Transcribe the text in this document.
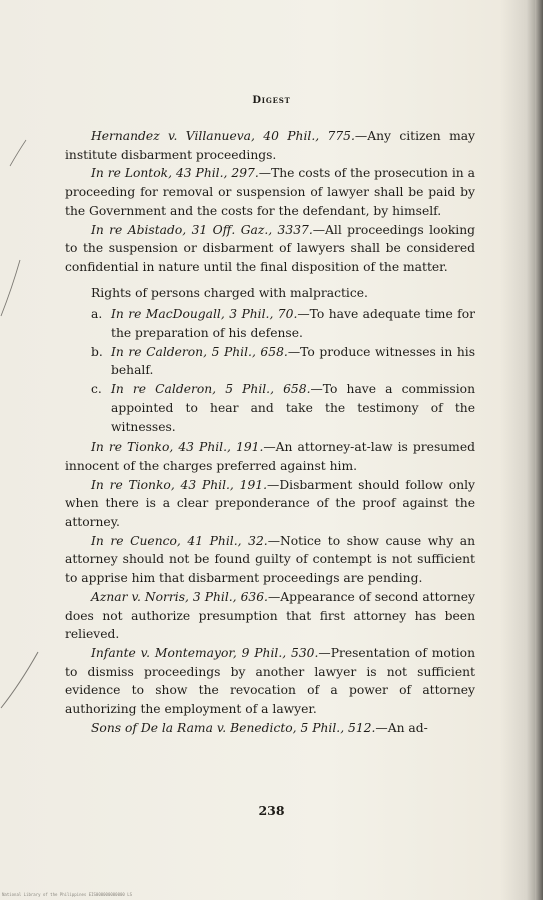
Digest

Hernandez v. Villanueva, 40 Phil., 775.—Any citizen may institute disbarment proceedings.

In re Lontok, 43 Phil., 297.—The costs of the prosecution in a proceeding for removal or suspension of lawyer shall be paid by the Government and the costs for the defendant, by himself.

In re Abistado, 31 Off. Gaz., 3337.—All proceedings looking to the suspension or disbarment of lawyers shall be considered confidential in nature until the final disposition of the matter.

Rights of persons charged with malpractice.

a. In re MacDougall, 3 Phil., 70.—To have adequate time for the preparation of his defense.

b. In re Calderon, 5 Phil., 658.—To produce witnesses in his behalf.

c. In re Calderon, 5 Phil., 658.—To have a commission appointed to hear and take the testimony of the witnesses.

In re Tionko, 43 Phil., 191.—An attorney-at-law is presumed innocent of the charges preferred against him.

In re Tionko, 43 Phil., 191.—Disbarment should follow only when there is a clear preponderance of the proof against the attorney.

In re Cuenco, 41 Phil., 32.—Notice to show cause why an attorney should not be found guilty of contempt is not sufficient to apprise him that disbarment proceedings are pending.

Aznar v. Norris, 3 Phil., 636.—Appearance of second attorney does not authorize presumption that first attorney has been relieved.

Infante v. Montemayor, 9 Phil., 530.—Presentation of motion to dismiss proceedings by another lawyer is not sufficient evidence to show the revocation of a power of attorney authorizing the employment of a lawyer.

Sons of De la Rama v. Benedicto, 5 Phil., 512.—An ad-

238
National Library of the Philippines EIS000000000000 LS
